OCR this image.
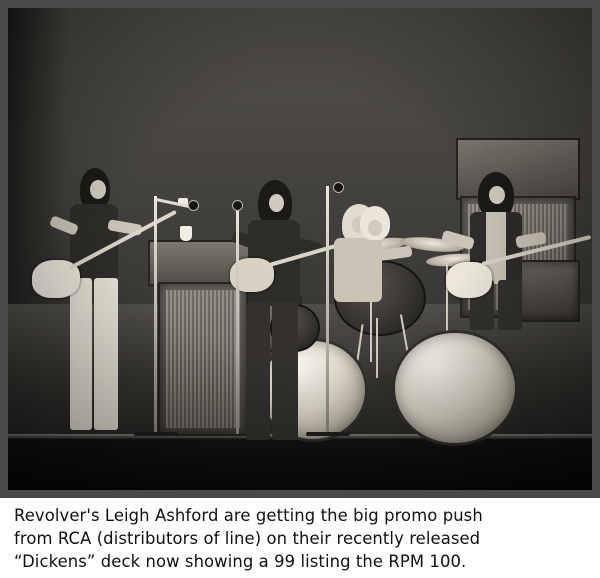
Revolver's Leigh Ashford are getting the big promo push
from RCA (distributors of line) on their recently released
“Dickens” deck now showing a 99 listing the RPM 100.
